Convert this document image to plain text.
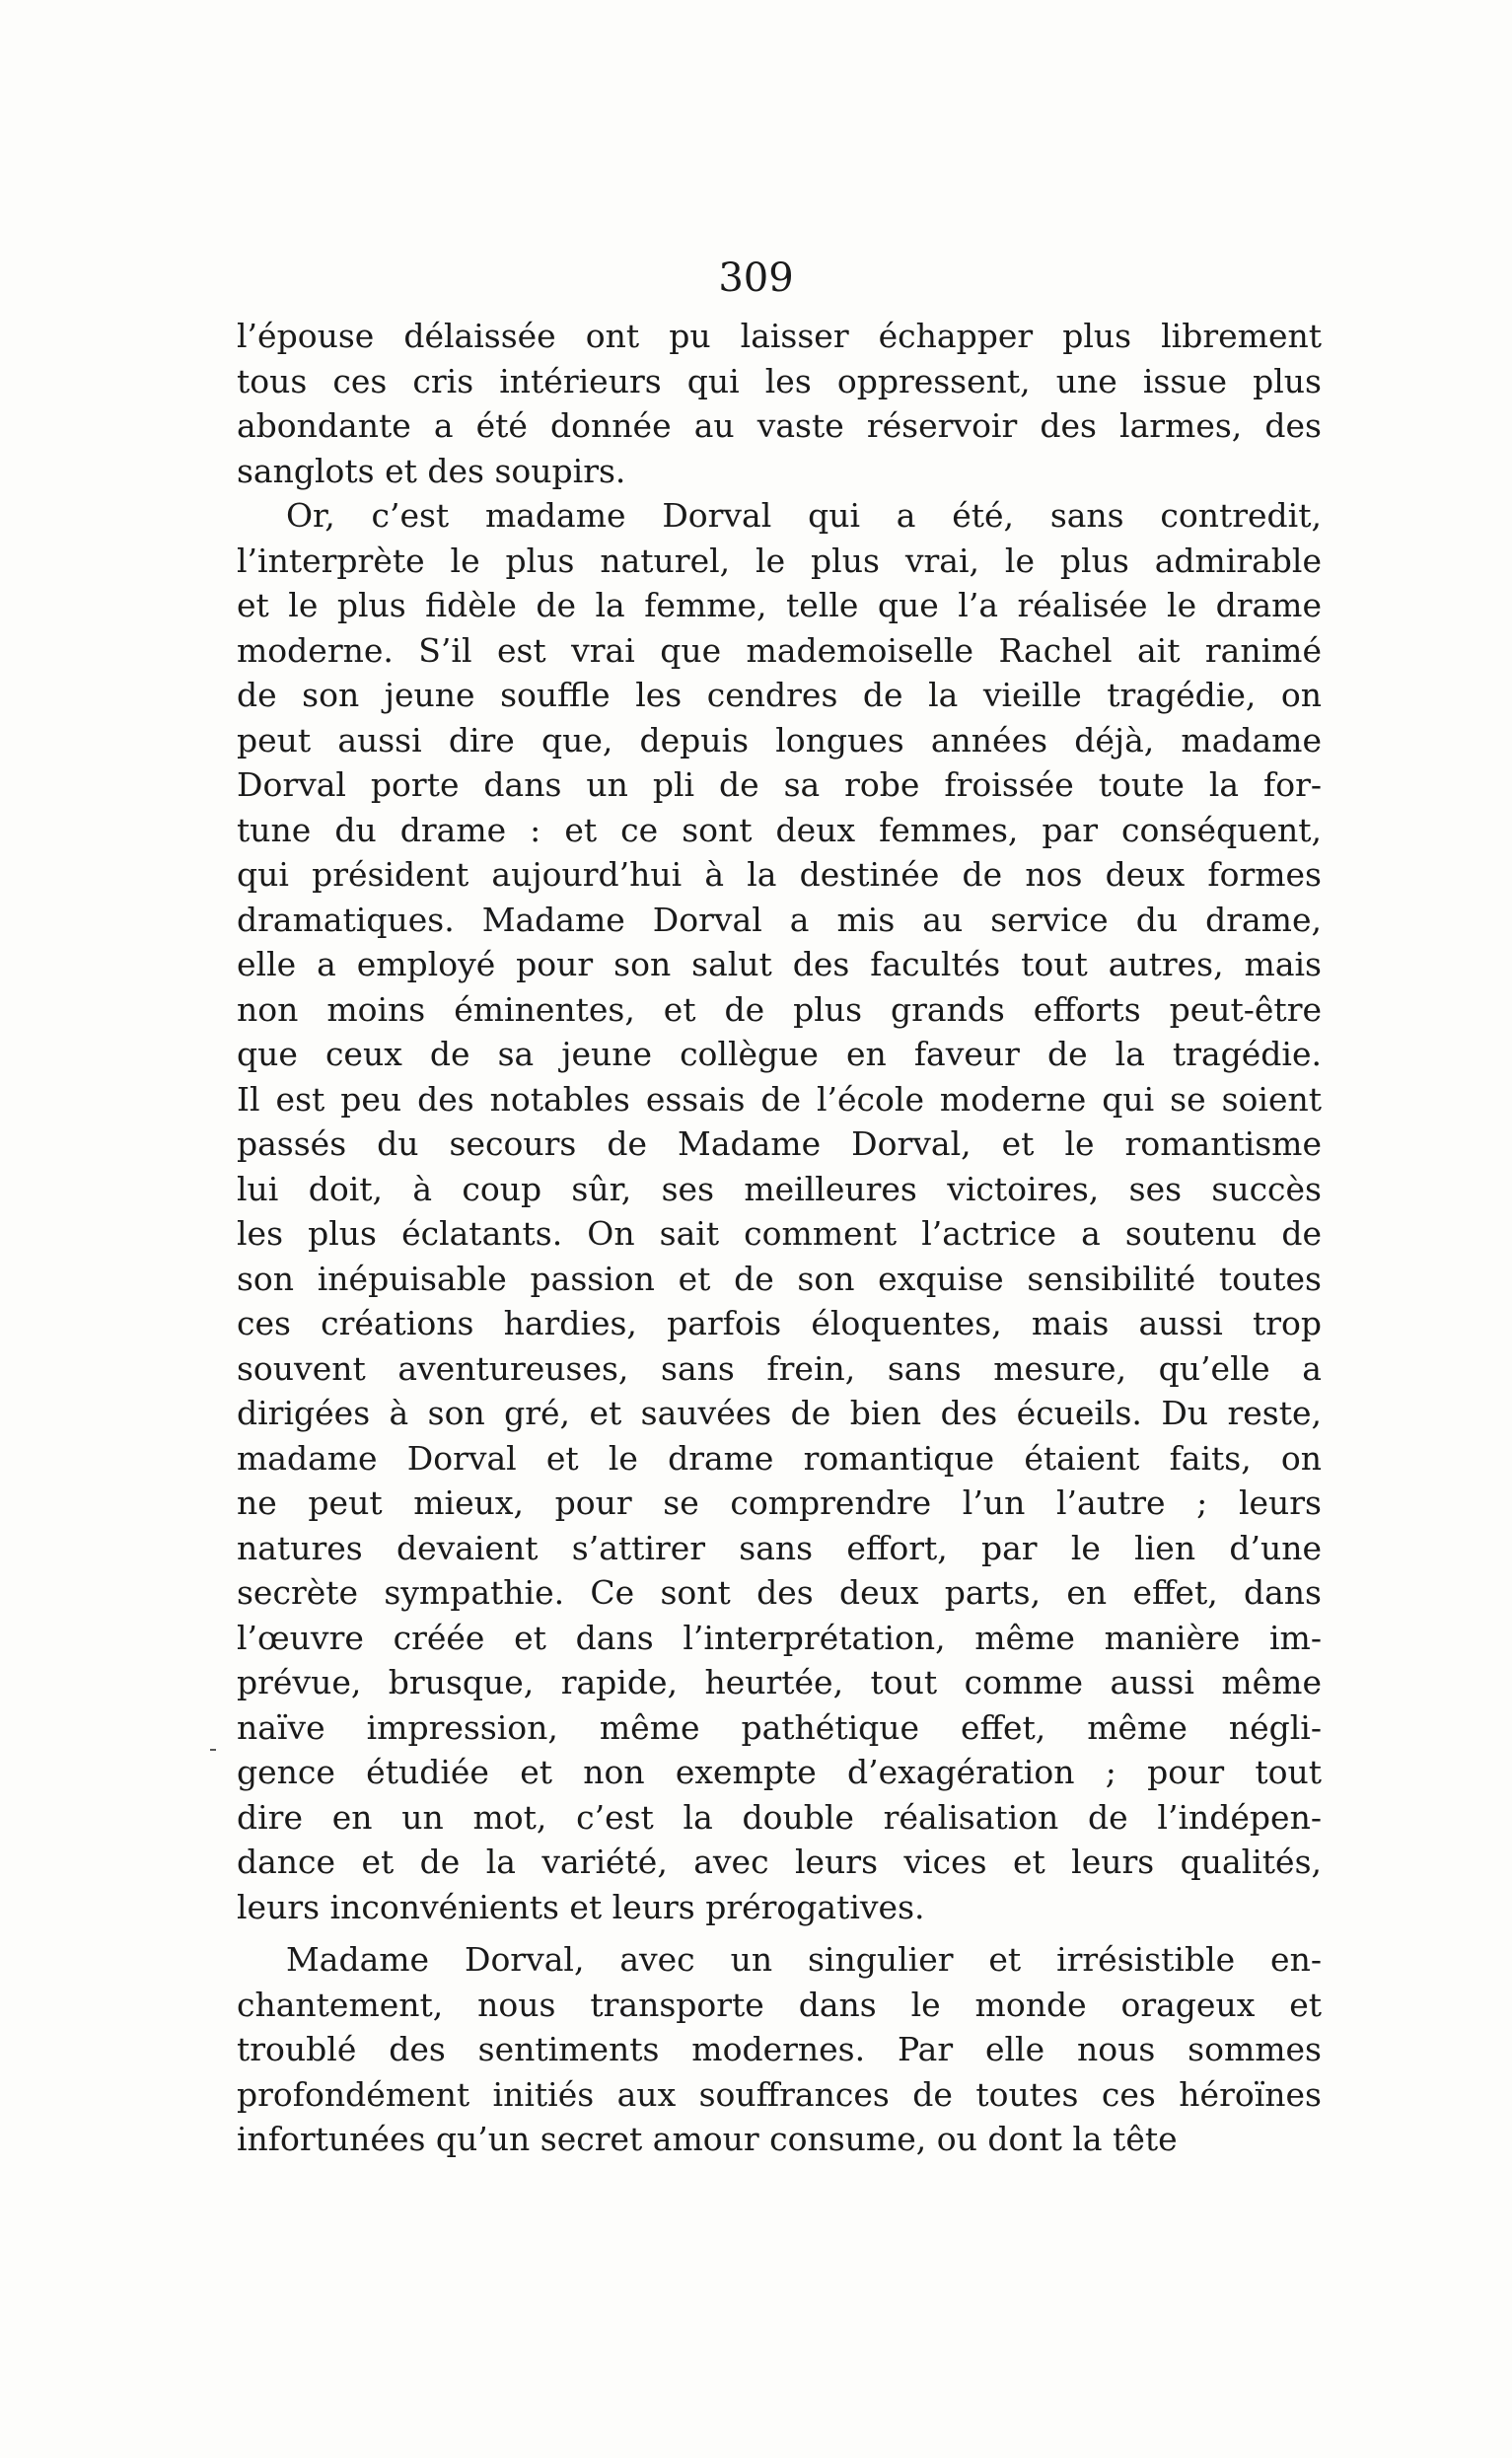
309
l’épouse délaissée ont pu laisser échapper plus librement
tous ces cris intérieurs qui les oppressent, une issue plus
abondante a été donnée au vaste réservoir des larmes, des
sanglots et des soupirs.
Or, c’est madame Dorval qui a été, sans contredit,
l’interprète le plus naturel, le plus vrai, le plus admirable
et le plus fidèle de la femme, telle que l’a réalisée le drame
moderne. S’il est vrai que mademoiselle Rachel ait ranimé
de son jeune souffle les cendres de la vieille tragédie, on
peut aussi dire que, depuis longues années déjà, madame
Dorval porte dans un pli de sa robe froissée toute la for-
tune du drame : et ce sont deux femmes, par conséquent,
qui président aujourd’hui à la destinée de nos deux formes
dramatiques. Madame Dorval a mis au service du drame,
elle a employé pour son salut des facultés tout autres, mais
non moins éminentes, et de plus grands efforts peut-être
que ceux de sa jeune collègue en faveur de la tragédie.
Il est peu des notables essais de l’école moderne qui se soient
passés du secours de Madame Dorval, et le romantisme
lui doit, à coup sûr, ses meilleures victoires, ses succès
les plus éclatants. On sait comment l’actrice a soutenu de
son inépuisable passion et de son exquise sensibilité toutes
ces créations hardies, parfois éloquentes, mais aussi trop
souvent aventureuses, sans frein, sans mesure, qu’elle a
dirigées à son gré, et sauvées de bien des écueils. Du reste,
madame Dorval et le drame romantique étaient faits, on
ne peut mieux, pour se comprendre l’un l’autre ; leurs
natures devaient s’attirer sans effort, par le lien d’une
secrète sympathie. Ce sont des deux parts, en effet, dans
l’œuvre créée et dans l’interprétation, même manière im-
prévue, brusque, rapide, heurtée, tout comme aussi même
naïve impression, même pathétique effet, même négli-
gence étudiée et non exempte d’exagération ; pour tout
dire en un mot, c’est la double réalisation de l’indépen-
dance et de la variété, avec leurs vices et leurs qualités,
leurs inconvénients et leurs prérogatives.
Madame Dorval, avec un singulier et irrésistible en-
chantement, nous transporte dans le monde orageux et
troublé des sentiments modernes. Par elle nous sommes
profondément initiés aux souffrances de toutes ces héroïnes
infortunées qu’un secret amour consume, ou dont la tête
